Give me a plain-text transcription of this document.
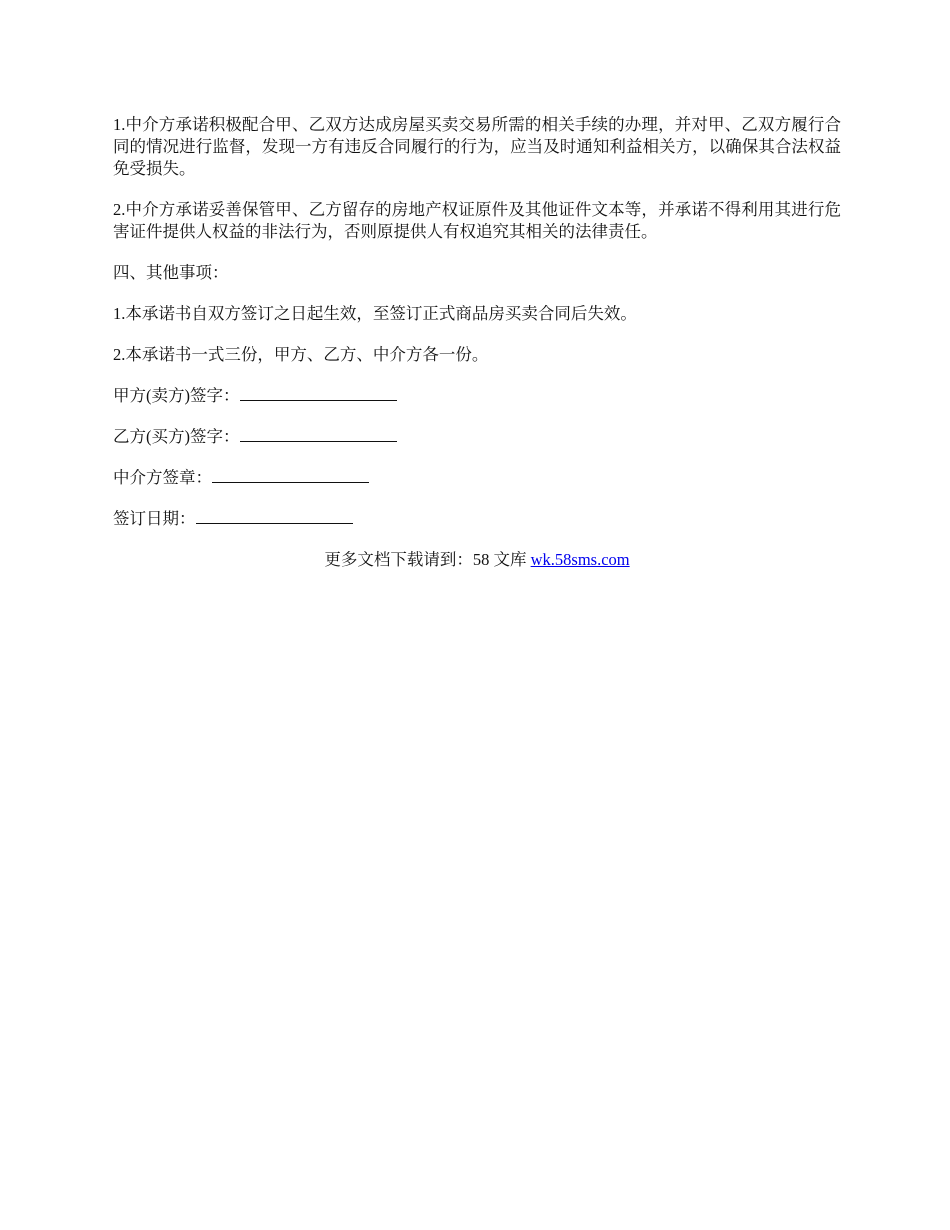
1.中介方承诺积极配合甲、乙双方达成房屋买卖交易所需的相关手续的办理，并对甲、乙双方履行合同的情况进行监督，发现一方有违反合同履行的行为，应当及时通知利益相关方，以确保其合法权益免受损失。

2.中介方承诺妥善保管甲、乙方留存的房地产权证原件及其他证件文本等，并承诺不得利用其进行危害证件提供人权益的非法行为，否则原提供人有权追究其相关的法律责任。

四、其他事项：

1.本承诺书自双方签订之日起生效，至签订正式商品房买卖合同后失效。

2.本承诺书一式三份，甲方、乙方、中介方各一份。

甲方(卖方)签字：
乙方(买方)签字：
中介方签章：
签订日期：
更多文档下载请到：58 文库 wk.58sms.com
